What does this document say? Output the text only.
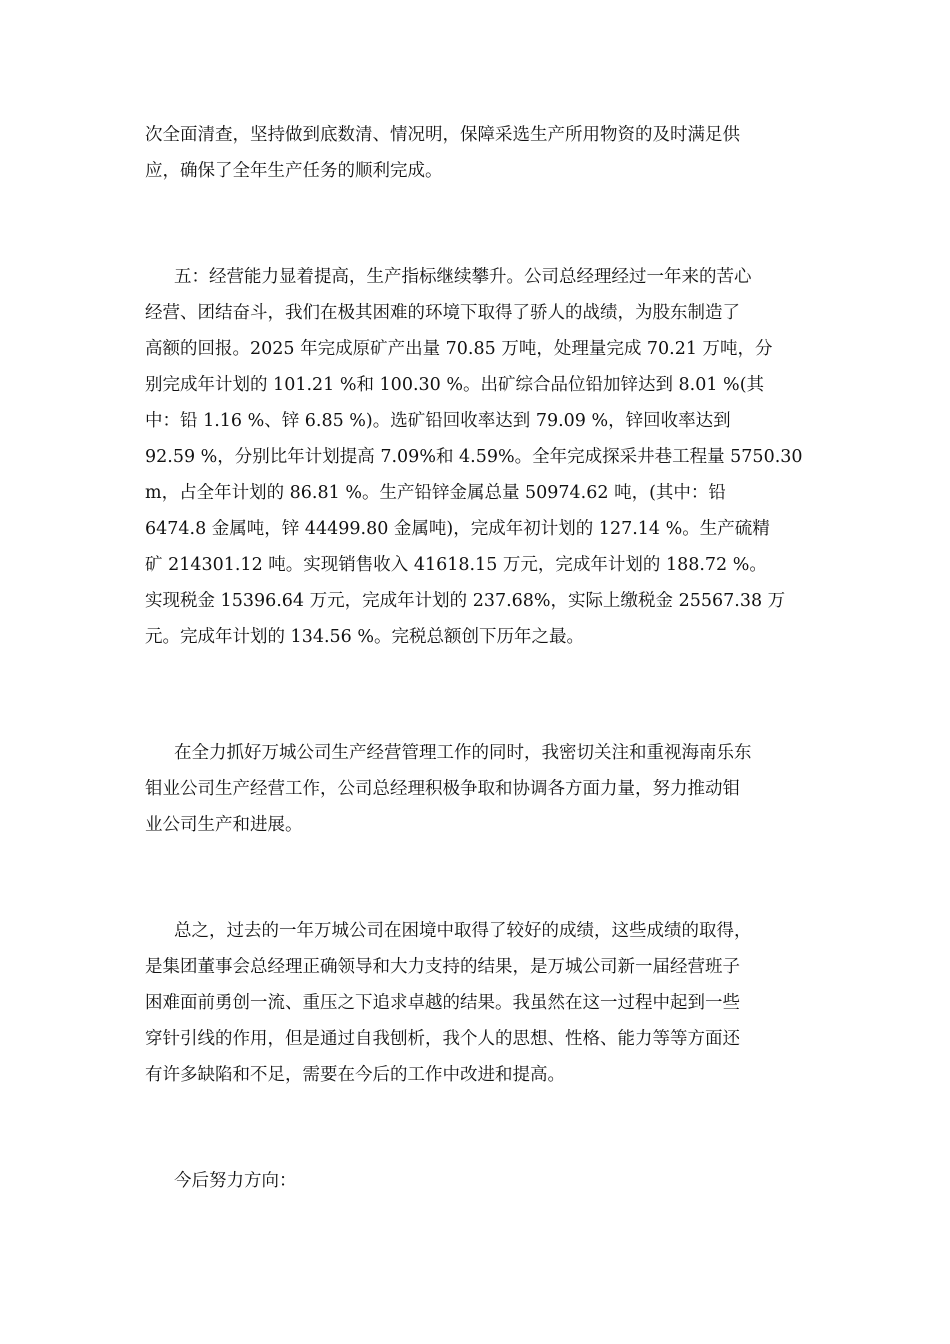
次全面清查，坚持做到底数清、情况明，保障采选生产所用物资的及时满足供
应，确保了全年生产任务的顺利完成。
五：经营能力显着提高，生产指标继续攀升。公司总经理经过一年来的苦心
经营、团结奋斗，我们在极其困难的环境下取得了骄人的战绩，为股东制造了
高额的回报。2025 年完成原矿产出量 70.85 万吨，处理量完成 70.21 万吨，分
别完成年计划的 101.21 %和 100.30 %。出矿综合品位铅加锌达到 8.01 %(其
中：铅 1.16 %、锌 6.85 %)。选矿铅回收率达到 79.09 %，锌回收率达到
92.59 %，分别比年计划提高 7.09%和 4.59%。全年完成探采井巷工程量 5750.30
m，占全年计划的 86.81 %。生产铅锌金属总量 50974.62 吨，(其中：铅
6474.8 金属吨，锌 44499.80 金属吨)，完成年初计划的 127.14 %。生产硫精
矿 214301.12 吨。实现销售收入 41618.15 万元，完成年计划的 188.72 %。
实现税金 15396.64 万元，完成年计划的 237.68%，实际上缴税金 25567.38 万
元。完成年计划的 134.56 %。完税总额创下历年之最。
在全力抓好万城公司生产经营管理工作的同时，我密切关注和重视海南乐东
钼业公司生产经营工作，公司总经理积极争取和协调各方面力量，努力推动钼
业公司生产和进展。
总之，过去的一年万城公司在困境中取得了较好的成绩，这些成绩的取得，
是集团董事会总经理正确领导和大力支持的结果，是万城公司新一届经营班子
困难面前勇创一流、重压之下追求卓越的结果。我虽然在这一过程中起到一些
穿针引线的作用，但是通过自我刨析，我个人的思想、性格、能力等等方面还
有许多缺陷和不足，需要在今后的工作中改进和提高。
今后努力方向：
